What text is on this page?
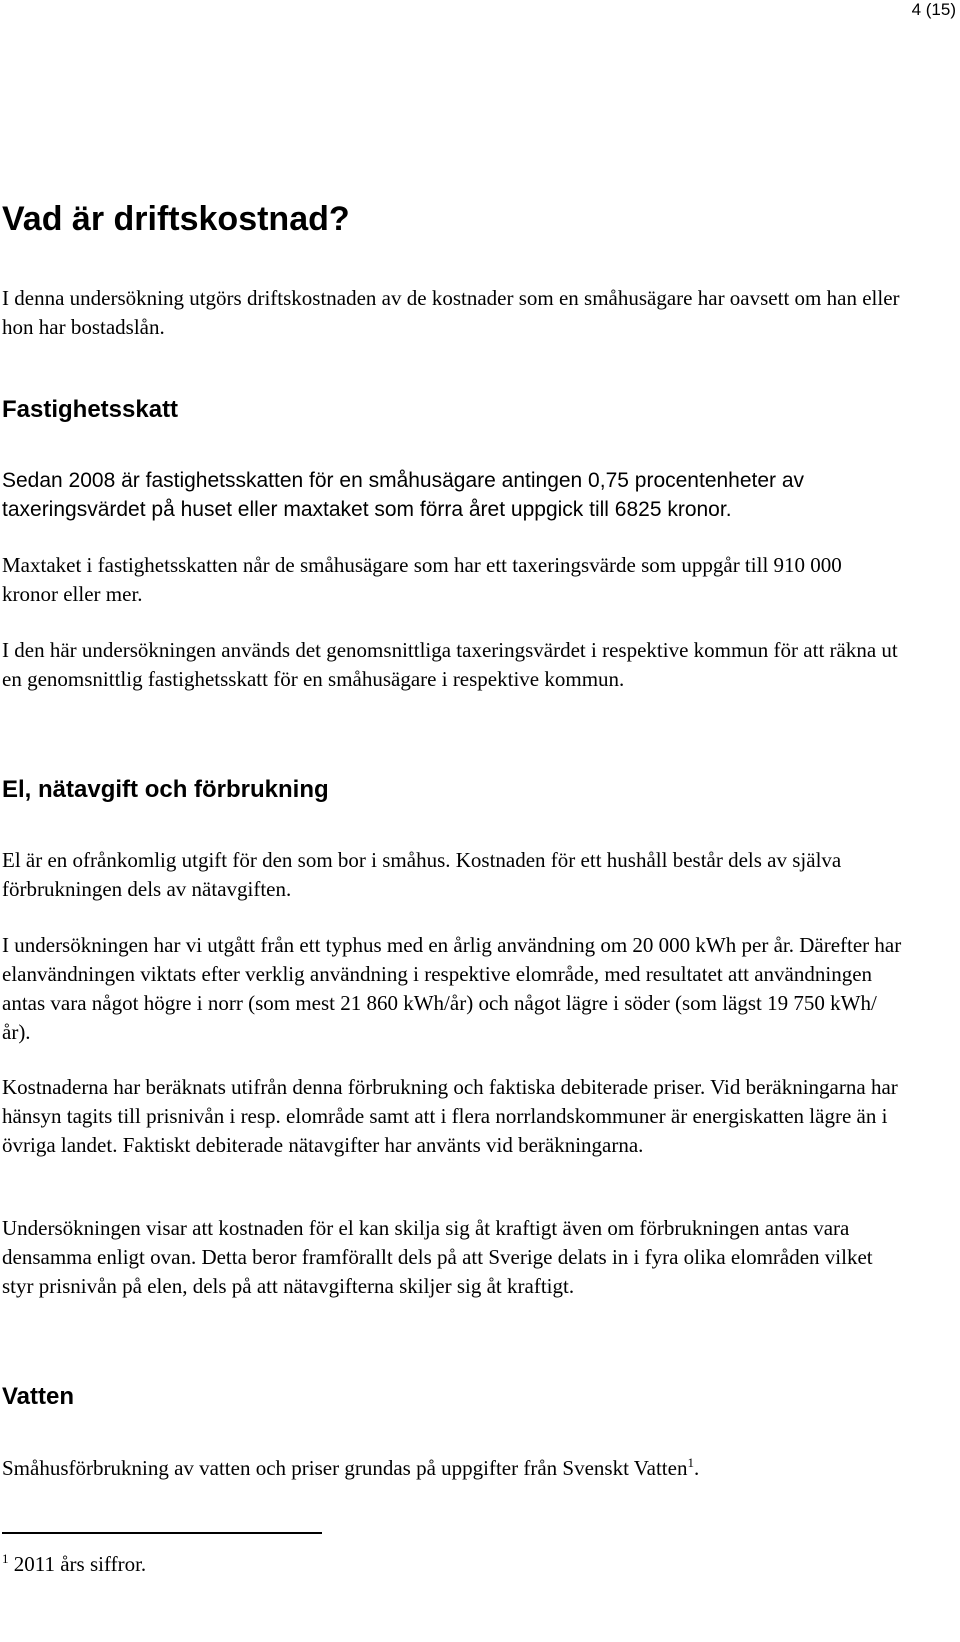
4 (15)
Vad är driftskostnad?

I denna undersökning utgörs driftskostnaden av de kostnader som en småhusägare har oavsett om han eller hon har bostadslån.

Fastighetsskatt

Sedan 2008 är fastighetsskatten för en småhusägare antingen 0,75 procentenheter av taxeringsvärdet på huset eller maxtaket som förra året uppgick till 6825 kronor.

Maxtaket i fastighetsskatten når de småhusägare som har ett taxeringsvärde som uppgår till 910 000 kronor eller mer.

I den här undersökningen används det genomsnittliga taxeringsvärdet i respektive kommun för att räkna ut en genomsnittlig fastighetsskatt för en småhusägare i respektive kommun.

El, nätavgift och förbrukning

El är en ofrånkomlig utgift för den som bor i småhus. Kostnaden för ett hushåll består dels av själva förbrukningen dels av nätavgiften.

I undersökningen har vi utgått från ett typhus med en årlig användning om 20 000 kWh per år. Därefter har elanvändningen viktats efter verklig användning i respektive elområde, med resultatet att användningen antas vara något högre i norr (som mest 21 860 kWh/år) och något lägre i söder (som lägst 19 750 kWh/år).

Kostnaderna har beräknats utifrån denna förbrukning och faktiska debiterade priser. Vid beräkningarna har hänsyn tagits till prisnivån i resp. elområde samt att i flera norrlandskommuner är energiskatten lägre än i övriga landet. Faktiskt debiterade nätavgifter har använts vid beräkningarna.

Undersökningen visar att kostnaden för el kan skilja sig åt kraftigt även om förbrukningen antas vara densamma enligt ovan. Detta beror framförallt dels på att Sverige delats in i fyra olika elområden vilket styr prisnivån på elen, dels på att nätavgifterna skiljer sig åt kraftigt.

Vatten

Småhusförbrukning av vatten och priser grundas på uppgifter från Svenskt Vatten$^1$.

$^1$ 2011 års siffror.
